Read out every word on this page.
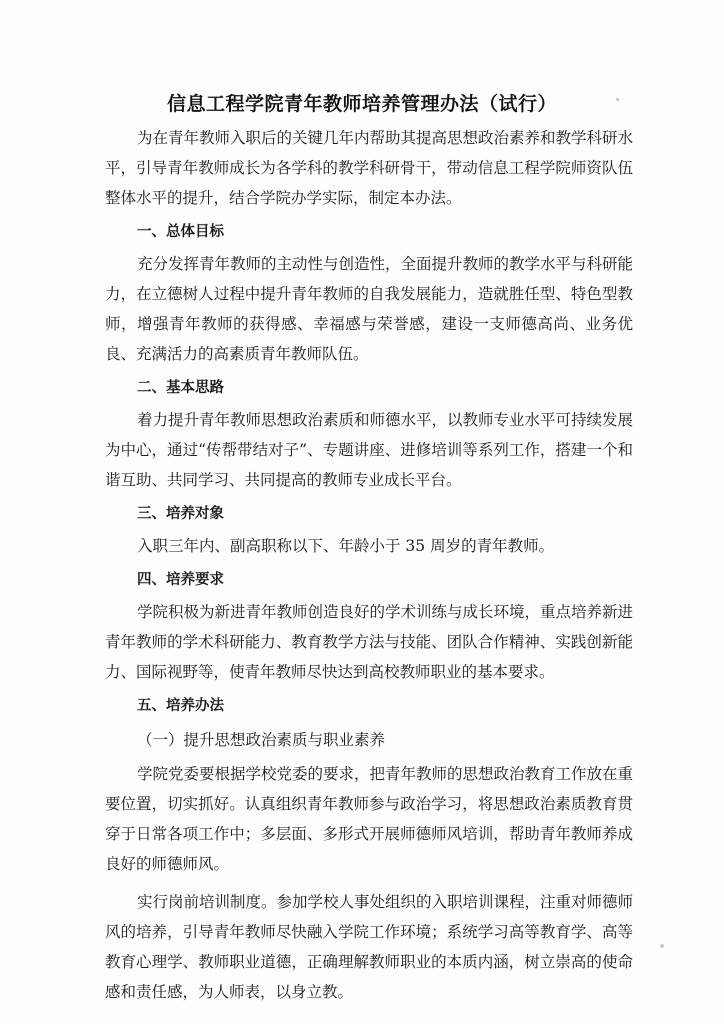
信息工程学院青年教师培养管理办法（试行）

为在青年教师入职后的关键几年内帮助其提高思想政治素养和教学科研水平，引导青年教师成长为各学科的教学科研骨干，带动信息工程学院师资队伍整体水平的提升，结合学院办学实际，制定本办法。

一、总体目标

充分发挥青年教师的主动性与创造性，全面提升教师的教学水平与科研能力，在立德树人过程中提升青年教师的自我发展能力，造就胜任型、特色型教师，增强青年教师的获得感、幸福感与荣誉感，建设一支师德高尚、业务优良、充满活力的高素质青年教师队伍。

二、基本思路

着力提升青年教师思想政治素质和师德水平，以教师专业水平可持续发展为中心，通过“传帮带结对子”、专题讲座、进修培训等系列工作，搭建一个和谐互助、共同学习、共同提高的教师专业成长平台。

三、培养对象

入职三年内、副高职称以下、年龄小于 35 周岁的青年教师。

四、培养要求

学院积极为新进青年教师创造良好的学术训练与成长环境，重点培养新进青年教师的学术科研能力、教育教学方法与技能、团队合作精神、实践创新能力、国际视野等，使青年教师尽快达到高校教师职业的基本要求。

五、培养办法
（一）提升思想政治素质与职业素养

学院党委要根据学校党委的要求，把青年教师的思想政治教育工作放在重要位置，切实抓好。认真组织青年教师参与政治学习，将思想政治素质教育贯穿于日常各项工作中；多层面、多形式开展师德师风培训，帮助青年教师养成良好的师德师风。

实行岗前培训制度。参加学校人事处组织的入职培训课程，注重对师德师风的培养，引导青年教师尽快融入学院工作环境；系统学习高等教育学、高等教育心理学、教师职业道德，正确理解教师职业的本质内涵，树立崇高的使命感和责任感，为人师表，以身立教。
